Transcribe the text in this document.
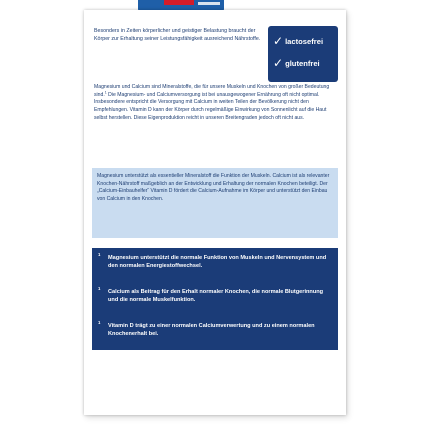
Besonders in Zeiten körperlicher und geistiger Belastung braucht der Körper zur Erhaltung seiner Leistungsfähigkeit ausreichend Nährstoffe.	✓ lactosefrei
✓ glutenfrei
Magnesium und Calcium sind Mineralstoffe, die für unsere Muskeln und Knochen von großer Bedeutung sind.$^1$ Die Magnesium- und Calciumversorgung ist bei unausgewogener Ernährung oft nicht optimal. Insbesondere entspricht die Versorgung mit Calcium in weiten Teilen der Bevölkerung nicht den Empfehlungen. Vitamin D kann der Körper durch regelmäßige Einwirkung von Sonnenlicht auf die Haut selbst herstellen. Diese Eigenproduktion reicht in unseren Breitengraden jedoch oft nicht aus.

Magnesium unterstützt als essentieller Mineralstoff die Funktion der Muskeln. Calcium ist als relevanter Knochen-Nährstoff maßgeblich an der Entwicklung und Erhaltung der normalen Knochen beteiligt. Der „Calcium-Einbauhelfer“ Vitamin D fördert die Calcium-Aufnahme im Körper und unterstützt den Einbau von Calcium in den Knochen.

1
Magnesium unterstützt die normale Funktion von Muskeln und Nervensystem und den normalen Energiestoffwechsel.
1
Calcium als Beitrag für den Erhalt normaler Knochen, die normale Blutgerinnung und die normale Muskelfunktion.
1
Vitamin D trägt zu einer normalen Calciumverwertung und zu einem normalen Knochenerhalt bei.
